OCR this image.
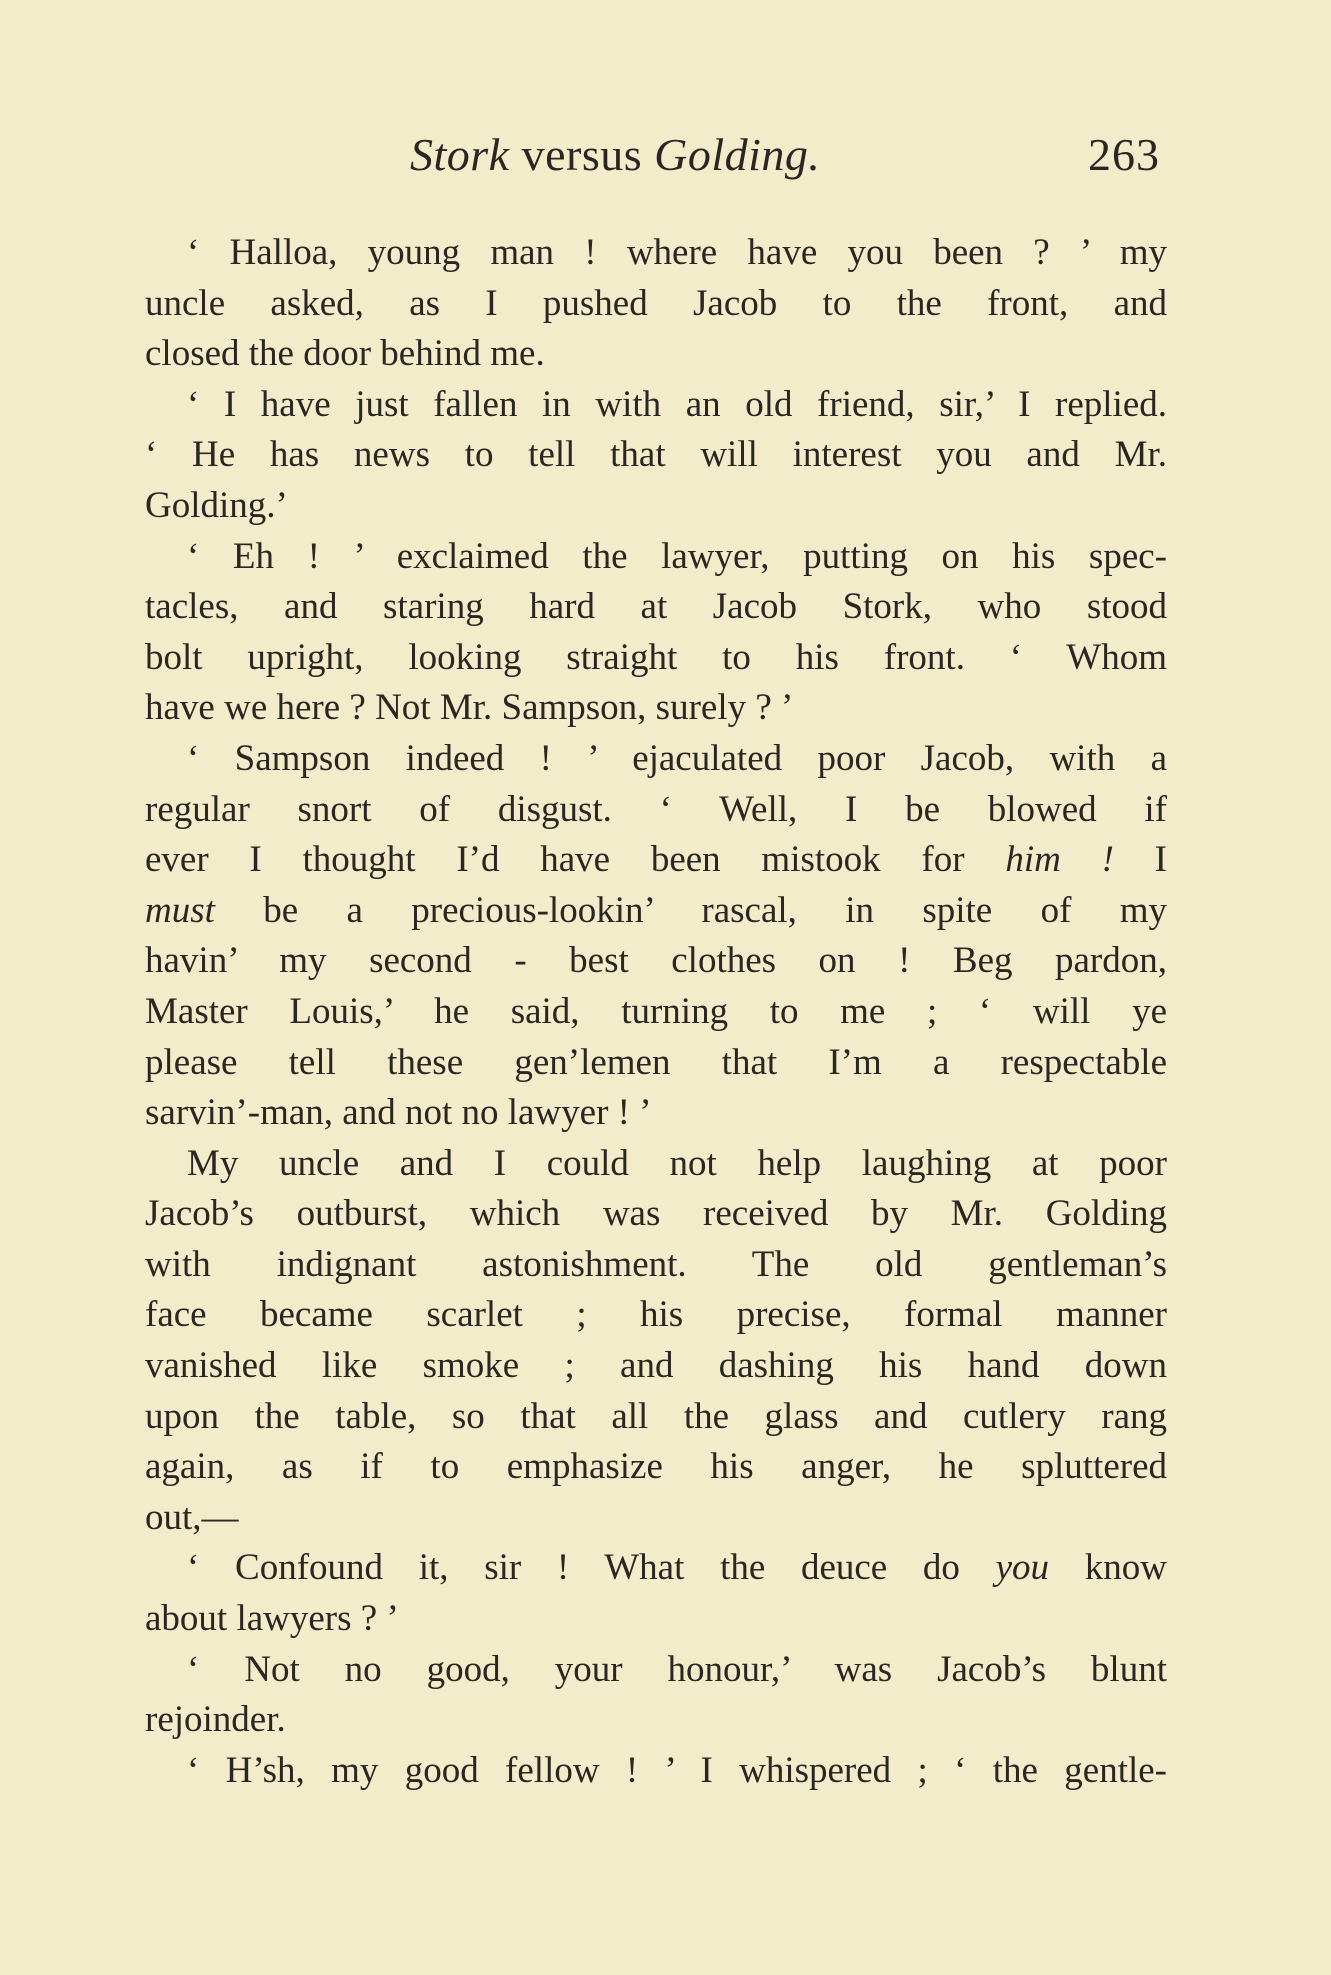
Stork versus Golding.	263
‘ Halloa, young man ! where have you been ? ’ my
uncle asked, as I pushed Jacob to the front, and
closed the door behind me.
‘ I have just fallen in with an old friend, sir,’ I replied.
‘ He has news to tell that will interest you and Mr.
Golding.’
‘ Eh ! ’ exclaimed the lawyer, putting on his spec-
tacles, and staring hard at Jacob Stork, who stood
bolt upright, looking straight to his front. ‘ Whom
have we here ? Not Mr. Sampson, surely ? ’
‘ Sampson indeed ! ’ ejaculated poor Jacob, with a
regular snort of disgust. ‘ Well, I be blowed if
ever I thought I’d have been mistook for him ! I
must be a precious-lookin’ rascal, in spite of my
havin’ my second - best clothes on ! Beg pardon,
Master Louis,’ he said, turning to me ; ‘ will ye
please tell these gen’lemen that I’m a respectable
sarvin’-man, and not no lawyer ! ’
My uncle and I could not help laughing at poor
Jacob’s outburst, which was received by Mr. Golding
with indignant astonishment. The old gentleman’s
face became scarlet ; his precise, formal manner
vanished like smoke ; and dashing his hand down
upon the table, so that all the glass and cutlery rang
again, as if to emphasize his anger, he spluttered
out,—
‘ Confound it, sir ! What the deuce do you know
about lawyers ? ’
‘ Not no good, your honour,’ was Jacob’s blunt
rejoinder.
‘ H’sh, my good fellow ! ’ I whispered ; ‘ the gentle-
